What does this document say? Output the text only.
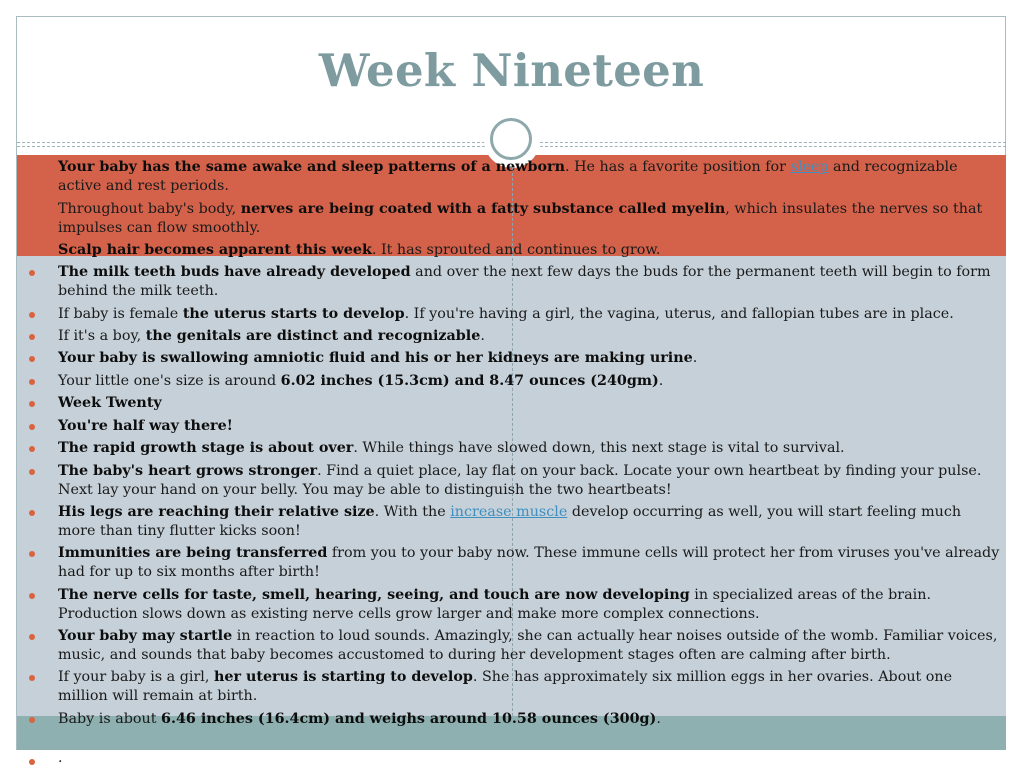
Week Nineteen
Your baby has the same awake and sleep patterns of a newborn. He has a favorite position for sleep and recognizable active and rest periods.
Throughout baby's body, nerves are being coated with a fatty substance called myelin, which insulates the nerves so that impulses can flow smoothly.
Scalp hair becomes apparent this week. It has sprouted and continues to grow.
The milk teeth buds have already developed and over the next few days the buds for the permanent teeth will begin to form behind the milk teeth.
If baby is female the uterus starts to develop. If you're having a girl, the vagina, uterus, and fallopian tubes are in place.
If it's a boy, the genitals are distinct and recognizable.
Your baby is swallowing amniotic fluid and his or her kidneys are making urine.
Your little one's size is around 6.02 inches (15.3cm) and 8.47 ounces (240gm).
Week Twenty
You're half way there!
The rapid growth stage is about over. While things have slowed down, this next stage is vital to survival.
The baby's heart grows stronger. Find a quiet place, lay flat on your back. Locate your own heartbeat by finding your pulse. Next lay your hand on your belly. You may be able to distinguish the two heartbeats!
His legs are reaching their relative size. With the increase muscle develop occurring as well, you will start feeling much more than tiny flutter kicks soon!
Immunities are being transferred from you to your baby now. These immune cells will protect her from viruses you've already had for up to six months after birth!
The nerve cells for taste, smell, hearing, seeing, and touch are now developing in specialized areas of the brain. Production slows down as existing nerve cells grow larger and make more complex connections.
Your baby may startle in reaction to loud sounds. Amazingly, she can actually hear noises outside of the womb. Familiar voices, music, and sounds that baby becomes accustomed to during her development stages often are calming after birth.
If your baby is a girl, her uterus is starting to develop. She has approximately six million eggs in her ovaries. About one million will remain at birth.
Baby is about 6.46 inches (16.4cm) and weighs around 10.58 ounces (300g).
.
